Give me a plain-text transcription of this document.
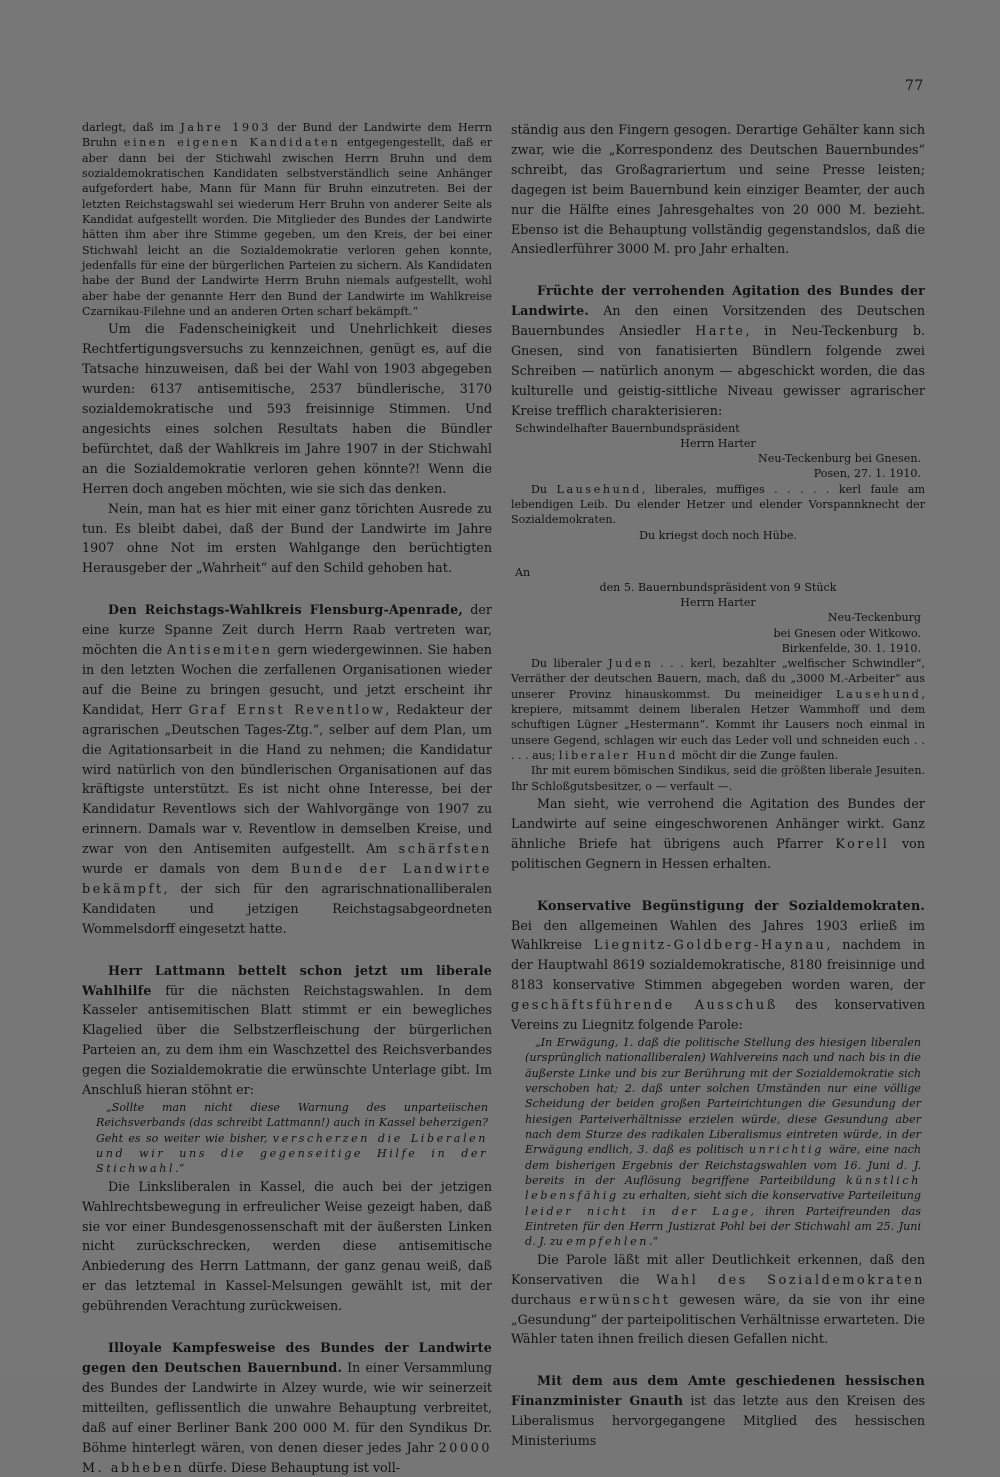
77

darlegt, daß im Jahre 1903 der Bund der Landwirte dem Herrn Bruhn einen eigenen Kandidaten entgegengestellt, daß er aber dann bei der Stichwahl zwischen Herrn Bruhn und dem sozialdemokratischen Kandidaten selbstverständlich seine Anhänger aufgefordert habe, Mann für Mann für Bruhn einzutreten. Bei der letzten Reichstagswahl sei wiederum Herr Bruhn von anderer Seite als Kandidat aufgestellt worden. Die Mitglieder des Bundes der Landwirte hätten ihm aber ihre Stimme gegeben, um den Kreis, der bei einer Stichwahl leicht an die Sozialdemokratie verloren gehen konnte, jedenfalls für eine der bürgerlichen Parteien zu sichern. Als Kandidaten habe der Bund der Landwirte Herrn Bruhn niemals aufgestellt, wohl aber habe der genannte Herr den Bund der Landwirte im Wahlkreise Czarnikau-Filehne und an anderen Orten scharf bekämpft.“

Um die Fadenscheinigkeit und Unehrlichkeit dieses Rechtfertigungsversuchs zu kennzeichnen, genügt es, auf die Tatsache hinzuweisen, daß bei der Wahl von 1903 abgegeben wurden: 6137 antisemitische, 2537 bündlerische, 3170 sozialdemokratische und 593 freisinnige Stimmen. Und angesichts eines solchen Resultats haben die Bündler befürchtet, daß der Wahlkreis im Jahre 1907 in der Stichwahl an die Sozialdemokratie verloren gehen könnte?! Wenn die Herren doch angeben möchten, wie sie sich das denken.

Nein, man hat es hier mit einer ganz törichten Ausrede zu tun. Es bleibt dabei, daß der Bund der Landwirte im Jahre 1907 ohne Not im ersten Wahlgange den berüchtigten Herausgeber der „Wahrheit“ auf den Schild gehoben hat.

Den Reichstags-Wahlkreis Flensburg-Apenrade, der eine kurze Spanne Zeit durch Herrn Raab vertreten war, möchten die Antisemiten gern wiedergewinnen. Sie haben in den letzten Wochen die zerfallenen Organisationen wieder auf die Beine zu bringen gesucht, und jetzt erscheint ihr Kandidat, Herr Graf Ernst Reventlow, Redakteur der agrarischen „Deutschen Tages-Ztg.“, selber auf dem Plan, um die Agitationsarbeit in die Hand zu nehmen; die Kandidatur wird natürlich von den bündlerischen Organisationen auf das kräftigste unterstützt. Es ist nicht ohne Interesse, bei der Kandidatur Reventlows sich der Wahlvorgänge von 1907 zu erinnern. Damals war v. Reventlow in demselben Kreise, und zwar von den Antisemiten aufgestellt. Am schärfsten wurde er damals von dem Bunde der Landwirte bekämpft, der sich für den agrarischnationalliberalen Kandidaten und jetzigen Reichstagsabgeordneten Wommelsdorff eingesetzt hatte.

Herr Lattmann bettelt schon jetzt um liberale Wahlhilfe für die nächsten Reichstagswahlen. In dem Kasseler antisemitischen Blatt stimmt er ein bewegliches Klagelied über die Selbstzerfleischung der bürgerlichen Parteien an, zu dem ihm ein Waschzettel des Reichsverbandes gegen die Sozialdemokratie die erwünschte Unterlage gibt. Im Anschluß hieran stöhnt er:

„Sollte man nicht diese Warnung des unparteiischen Reichsverbands (das schreibt Lattmann!) auch in Kassel beherzigen? Geht es so weiter wie bisher, verscherzen die Liberalen und wir uns die gegenseitige Hilfe in der Stichwahl.“

Die Linksliberalen in Kassel, die auch bei der jetzigen Wahlrechtsbewegung in erfreulicher Weise gezeigt haben, daß sie vor einer Bundesgenossenschaft mit der äußersten Linken nicht zurückschrecken, werden diese antisemitische Anbiederung des Herrn Lattmann, der ganz genau weiß, daß er das letztemal in Kassel-Melsungen gewählt ist, mit der gebührenden Verachtung zurückweisen.

Illoyale Kampfesweise des Bundes der Landwirte gegen den Deutschen Bauernbund. In einer Versammlung des Bundes der Landwirte in Alzey wurde, wie wir seinerzeit mitteilten, geflissentlich die unwahre Behauptung verbreitet, daß auf einer Berliner Bank 200 000 M. für den Syndikus Dr. Böhme hinterlegt wären, von denen dieser jedes Jahr 20000 M. abheben dürfe. Diese Behauptung ist voll-

ständig aus den Fingern gesogen. Derartige Gehälter kann sich zwar, wie die „Korrespondenz des Deutschen Bauernbundes“ schreibt, das Großagrariertum und seine Presse leisten; dagegen ist beim Bauernbund kein einziger Beamter, der auch nur die Hälfte eines Jahresgehaltes von 20 000 M. bezieht. Ebenso ist die Behauptung vollständig gegenstandslos, daß die Ansiedlerführer 3000 M. pro Jahr erhalten.

Früchte der verrohenden Agitation des Bundes der Landwirte. An den einen Vorsitzenden des Deutschen Bauernbundes Ansiedler Harte, in Neu-Teckenburg b. Gnesen, sind von fanatisierten Bündlern folgende zwei Schreiben — natürlich anonym — abgeschickt worden, die das kulturelle und geistig-sittliche Niveau gewisser agrarischer Kreise trefflich charakterisieren:

Schwindelhafter Bauernbundspräsident
Herrn Harter
Neu-Teckenburg bei Gnesen.
Posen, 27. 1. 1910.

Du Lausehund, liberales, muffiges . . . . . kerl faule am lebendigen Leib. Du elender Hetzer und elender Vorspannknecht der Sozialdemokraten.

Du kriegst doch noch Hübe.
An
den 5. Bauernbundspräsident von 9 Stück
Herrn Harter
Neu-Teckenburg
bei Gnesen oder Witkowo.
Birkenfelde, 30. 1. 1910.

Du liberaler Juden . . . kerl, bezahlter „welfischer Schwindler“, Verräther der deutschen Bauern, mach, daß du „3000 M.-Arbeiter“ aus unserer Provinz hinauskommst. Du meineidiger Lausehund, krepiere, mitsammt deinem liberalen Hetzer Wammhoff und dem schuftigen Lügner „Hestermann“. Kommt ihr Lausers noch einmal in unsere Gegend, schlagen wir euch das Leder voll und schneiden euch . . . . . aus; liberaler Hund möcht dir die Zunge faulen.

Ihr mit eurem bömischen Sindikus, seid die größten liberale Jesuiten. Ihr Schloßgutsbesitzer, o — verfault —.

Man sieht, wie verrohend die Agitation des Bundes der Landwirte auf seine eingeschworenen Anhänger wirkt. Ganz ähnliche Briefe hat übrigens auch Pfarrer Korell von politischen Gegnern in Hessen erhalten.

Konservative Begünstigung der Sozialdemokraten. Bei den allgemeinen Wahlen des Jahres 1903 erließ im Wahlkreise Liegnitz-Goldberg-Haynau, nachdem in der Hauptwahl 8619 sozialdemokratische, 8180 freisinnige und 8183 konservative Stimmen abgegeben worden waren, der geschäftsführende Ausschuß des konservativen Vereins zu Liegnitz folgende Parole:

„In Erwägung, 1. daß die politische Stellung des hiesigen liberalen (ursprünglich nationalliberalen) Wahlvereins nach und nach bis in die äußerste Linke und bis zur Berührung mit der Sozialdemokratie sich verschoben hat; 2. daß unter solchen Umständen nur eine völlige Scheidung der beiden großen Parteirichtungen die Gesundung der hiesigen Parteiverhältnisse erzielen würde, diese Gesundung aber nach dem Sturze des radikalen Liberalismus eintreten würde, in der Erwägung endlich, 3. daß es politisch unrichtig wäre, eine nach dem bisherigen Ergebnis der Reichstagswahlen vom 16. Juni d. J. bereits in der Auflösung begriffene Parteibildung künstlich lebensfähig zu erhalten, sieht sich die konservative Parteileitung leider nicht in der Lage, ihren Parteifreunden das Eintreten für den Herrn Justizrat Pohl bei der Stichwahl am 25. Juni d. J. zu empfehlen.“

Die Parole läßt mit aller Deutlichkeit erkennen, daß den Konservativen die Wahl des Sozialdemokraten durchaus erwünscht gewesen wäre, da sie von ihr eine „Gesundung“ der parteipolitischen Verhältnisse erwarteten. Die Wähler taten ihnen freilich diesen Gefallen nicht.

Mit dem aus dem Amte geschiedenen hessischen Finanzminister Gnauth ist das letzte aus den Kreisen des Liberalismus hervorgegangene Mitglied des hessischen Ministeriums
